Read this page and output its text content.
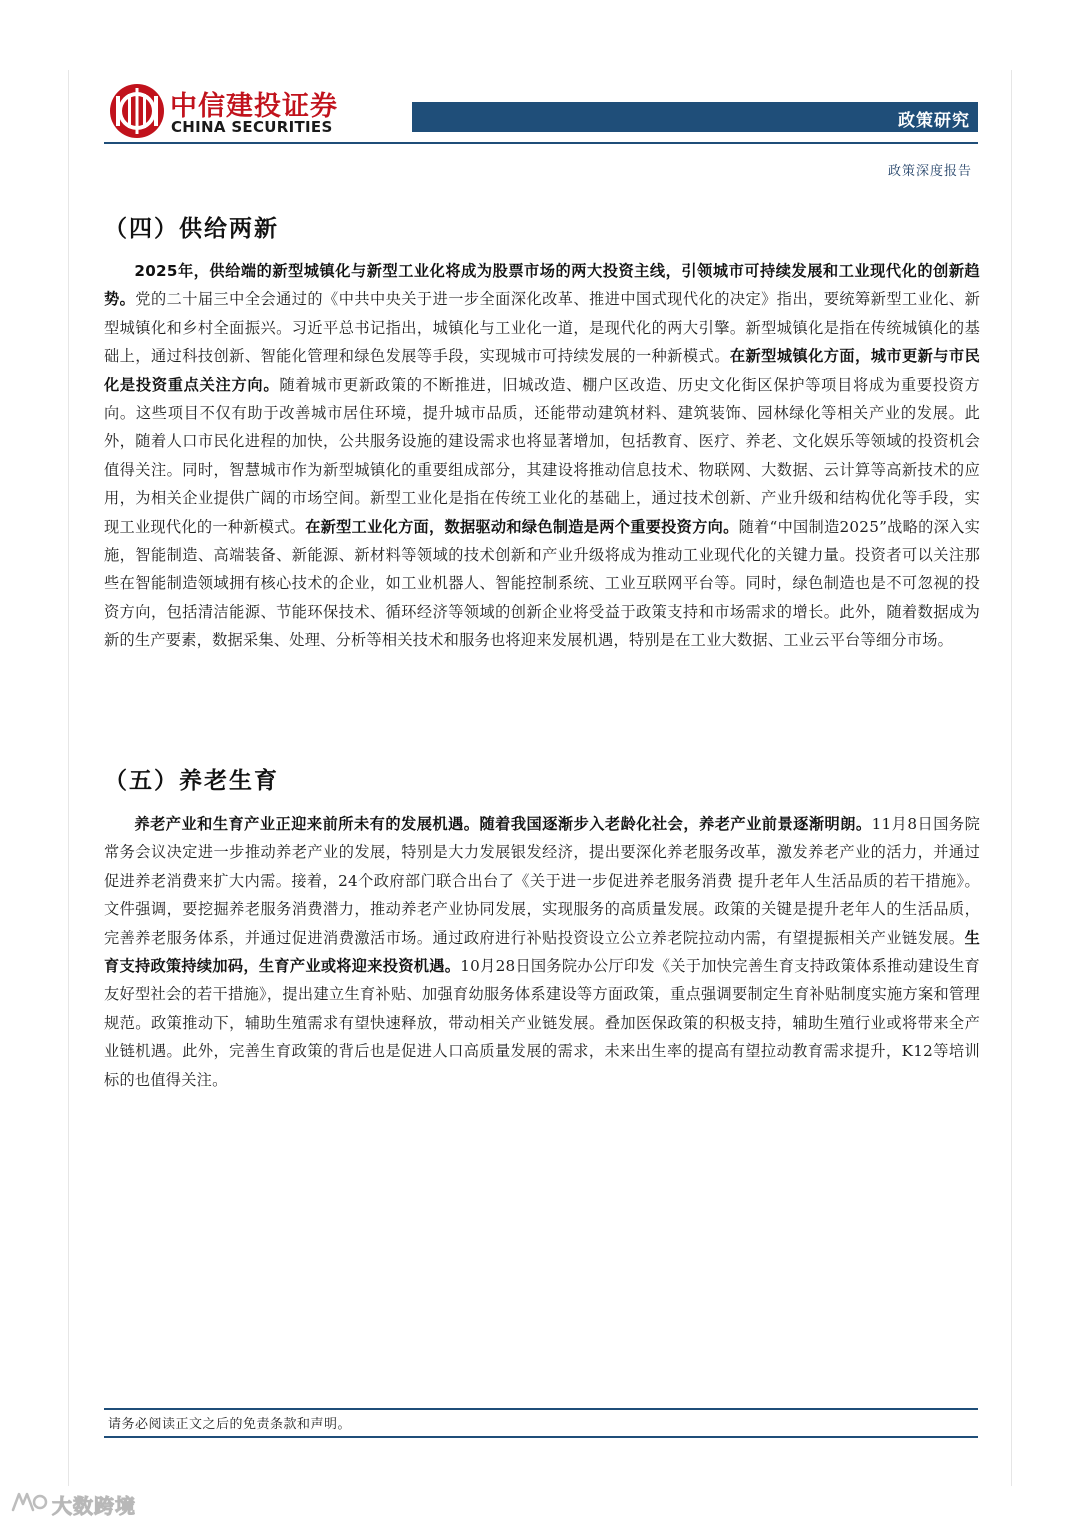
中信建投证券
CHINA SECURITIES	政策研究
政策深度报告
（四）供给两新
2025年，供给端的新型城镇化与新型工业化将成为股票市场的两大投资主线，引领城市可持续发展和工业现代化的创新趋势。党的二十届三中全会通过的《中共中央关于进一步全面深化改革、推进中国式现代化的决定》指出，要统筹新型工业化、新型城镇化和乡村全面振兴。习近平总书记指出，城镇化与工业化一道，是现代化的两大引擎。新型城镇化是指在传统城镇化的基础上，通过科技创新、智能化管理和绿色发展等手段，实现城市可持续发展的一种新模式。在新型城镇化方面，城市更新与市民化是投资重点关注方向。随着城市更新政策的不断推进，旧城改造、棚户区改造、历史文化街区保护等项目将成为重要投资方向。这些项目不仅有助于改善城市居住环境，提升城市品质，还能带动建筑材料、建筑装饰、园林绿化等相关产业的发展。此外，随着人口市民化进程的加快，公共服务设施的建设需求也将显著增加，包括教育、医疗、养老、文化娱乐等领域的投资机会值得关注。同时，智慧城市作为新型城镇化的重要组成部分，其建设将推动信息技术、物联网、大数据、云计算等高新技术的应用，为相关企业提供广阔的市场空间。新型工业化是指在传统工业化的基础上，通过技术创新、产业升级和结构优化等手段，实现工业现代化的一种新模式。在新型工业化方面，数据驱动和绿色制造是两个重要投资方向。随着“中国制造2025”战略的深入实施，智能制造、高端装备、新能源、新材料等领域的技术创新和产业升级将成为推动工业现代化的关键力量。投资者可以关注那些在智能制造领域拥有核心技术的企业，如工业机器人、智能控制系统、工业互联网平台等。同时，绿色制造也是不可忽视的投资方向，包括清洁能源、节能环保技术、循环经济等领域的创新企业将受益于政策支持和市场需求的增长。此外，随着数据成为新的生产要素，数据采集、处理、分析等相关技术和服务也将迎来发展机遇，特别是在工业大数据、工业云平台等细分市场。
（五）养老生育
养老产业和生育产业正迎来前所未有的发展机遇。随着我国逐渐步入老龄化社会，养老产业前景逐渐明朗。11月8日国务院常务会议决定进一步推动养老产业的发展，特别是大力发展银发经济，提出要深化养老服务改革，激发养老产业的活力，并通过促进养老消费来扩大内需。接着，24个政府部门联合出台了《关于进一步促进养老服务消费 提升老年人生活品质的若干措施》。文件强调，要挖掘养老服务消费潜力，推动养老产业协同发展，实现服务的高质量发展。政策的关键是提升老年人的生活品质，完善养老服务体系，并通过促进消费激活市场。通过政府进行补贴投资设立公立养老院拉动内需，有望提振相关产业链发展。生育支持政策持续加码，生育产业或将迎来投资机遇。10月28日国务院办公厅印发《关于加快完善生育支持政策体系推动建设生育友好型社会的若干措施》，提出建立生育补贴、加强育幼服务体系建设等方面政策，重点强调要制定生育补贴制度实施方案和管理规范。政策推动下，辅助生殖需求有望快速释放，带动相关产业链发展。叠加医保政策的积极支持，辅助生殖行业或将带来全产业链机遇。此外，完善生育政策的背后也是促进人口高质量发展的需求，未来出生率的提高有望拉动教育需求提升，K12等培训标的也值得关注。
请务必阅读正文之后的免责条款和声明。
大数跨境
